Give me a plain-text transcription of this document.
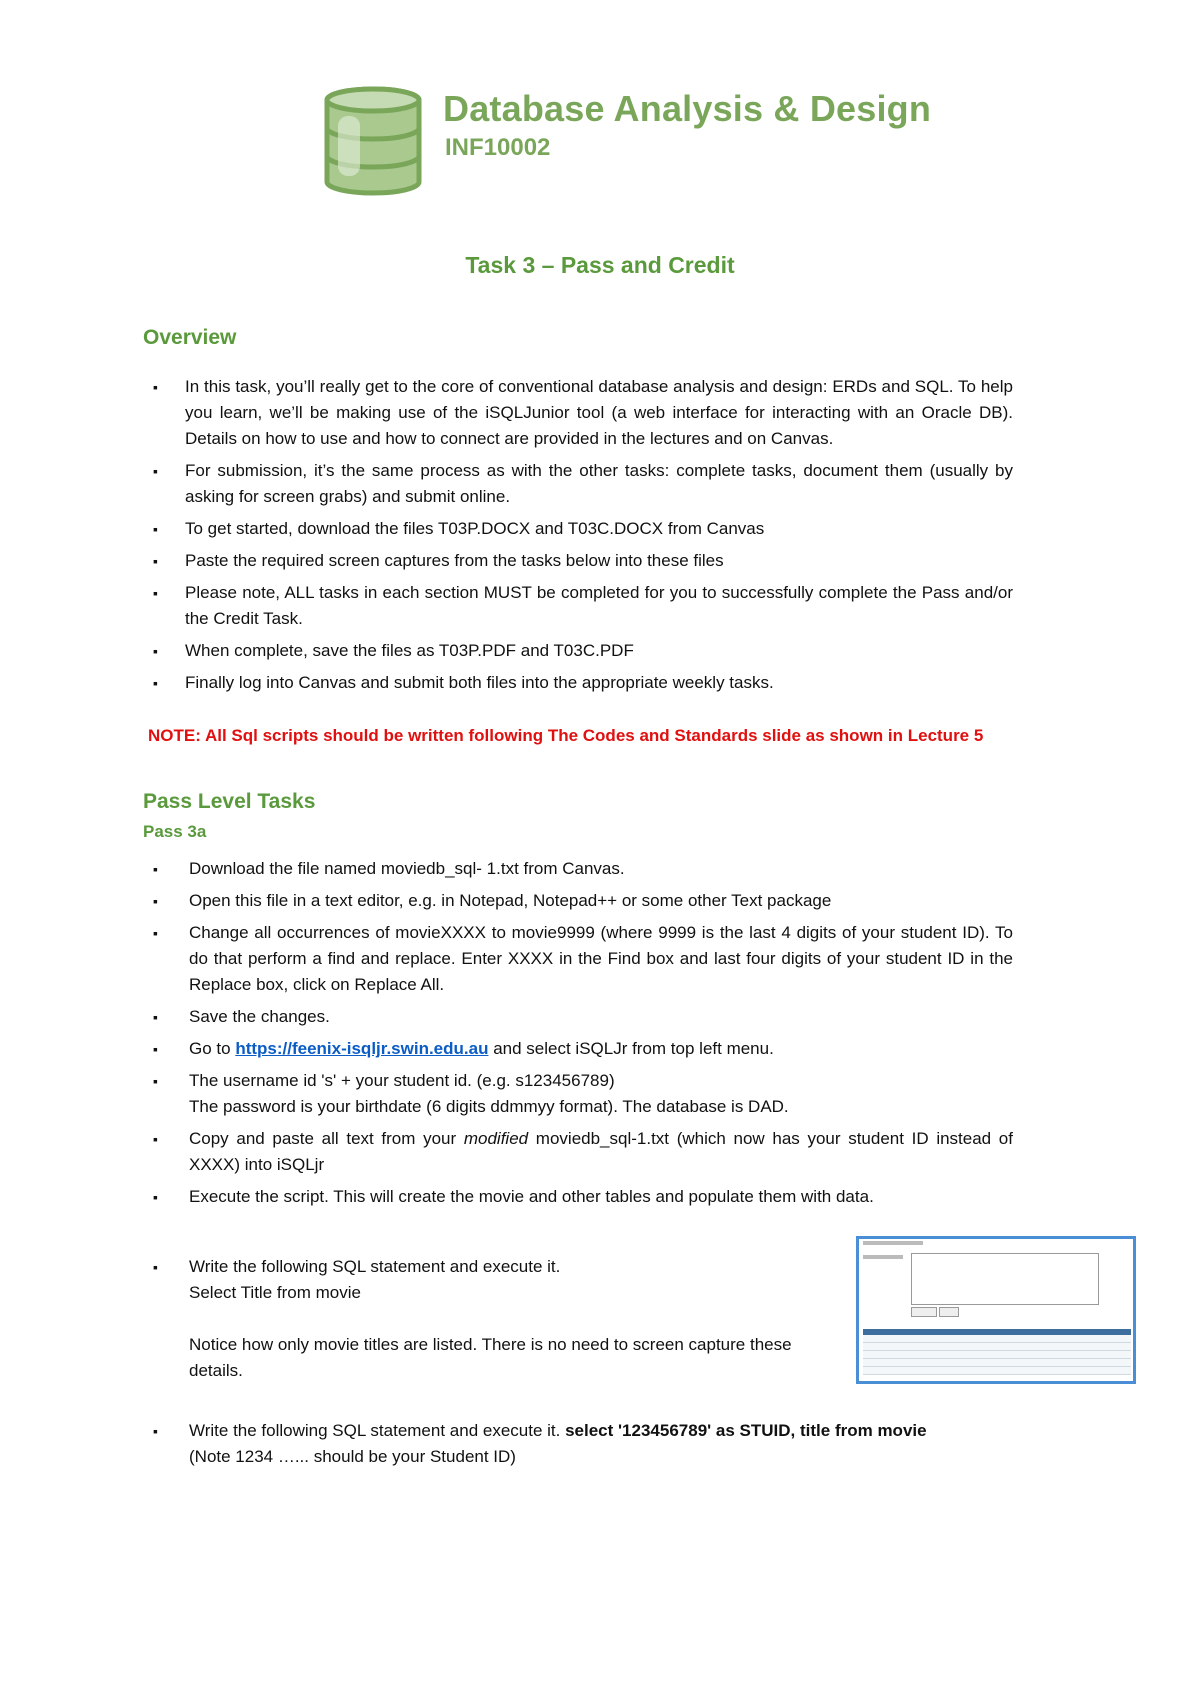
Database Analysis & Design
INF10002
Task 3 – Pass and Credit
Overview
▪ In this task, you’ll really get to the core of conventional database analysis and design: ERDs and SQL. To help you learn, we’ll be making use of the iSQLJunior tool (a web interface for interacting with an Oracle DB). Details on how to use and how to connect are provided in the lectures and on Canvas.
▪ For submission, it’s the same process as with the other tasks: complete tasks, document them (usually by asking for screen grabs) and submit online.
▪ To get started, download the files T03P.DOCX and T03C.DOCX from Canvas
▪ Paste the required screen captures from the tasks below into these files
▪ Please note, ALL tasks in each section MUST be completed for you to successfully complete the Pass and/or the Credit Task.
▪ When complete, save the files as T03P.PDF and T03C.PDF
▪ Finally log into Canvas and submit both files into the appropriate weekly tasks.
NOTE: All Sql scripts should be written following The Codes and Standards slide as shown in Lecture 5
Pass Level Tasks
Pass 3a
▪ Download the file named moviedb_sql- 1.txt from Canvas.
▪ Open this file in a text editor, e.g. in Notepad, Notepad++ or some other Text package
▪ Change all occurrences of movieXXXX to movie9999 (where 9999 is the last 4 digits of your student ID). To do that perform a find and replace. Enter XXXX in the Find box and last four digits of your student ID in the Replace box, click on Replace All.
▪ Save the changes.
▪ Go to https://feenix-isqljr.swin.edu.au and select iSQLJr from top left menu.
▪ The username id 's' + your student id. (e.g. s123456789)
The password is your birthdate (6 digits ddmmyy format). The database is DAD.
▪ Copy and paste all text from your modified moviedb_sql-1.txt (which now has your student ID instead of XXXX) into iSQLjr
▪ Execute the script. This will create the movie and other tables and populate them with data.
▪ Write the following SQL statement and execute it.
Select Title from movie
Notice how only movie titles are listed. There is no need to screen capture these details.
▪ Write the following SQL statement and execute it. select '123456789' as STUID, title from movie
(Note 1234 …... should be your Student ID)
